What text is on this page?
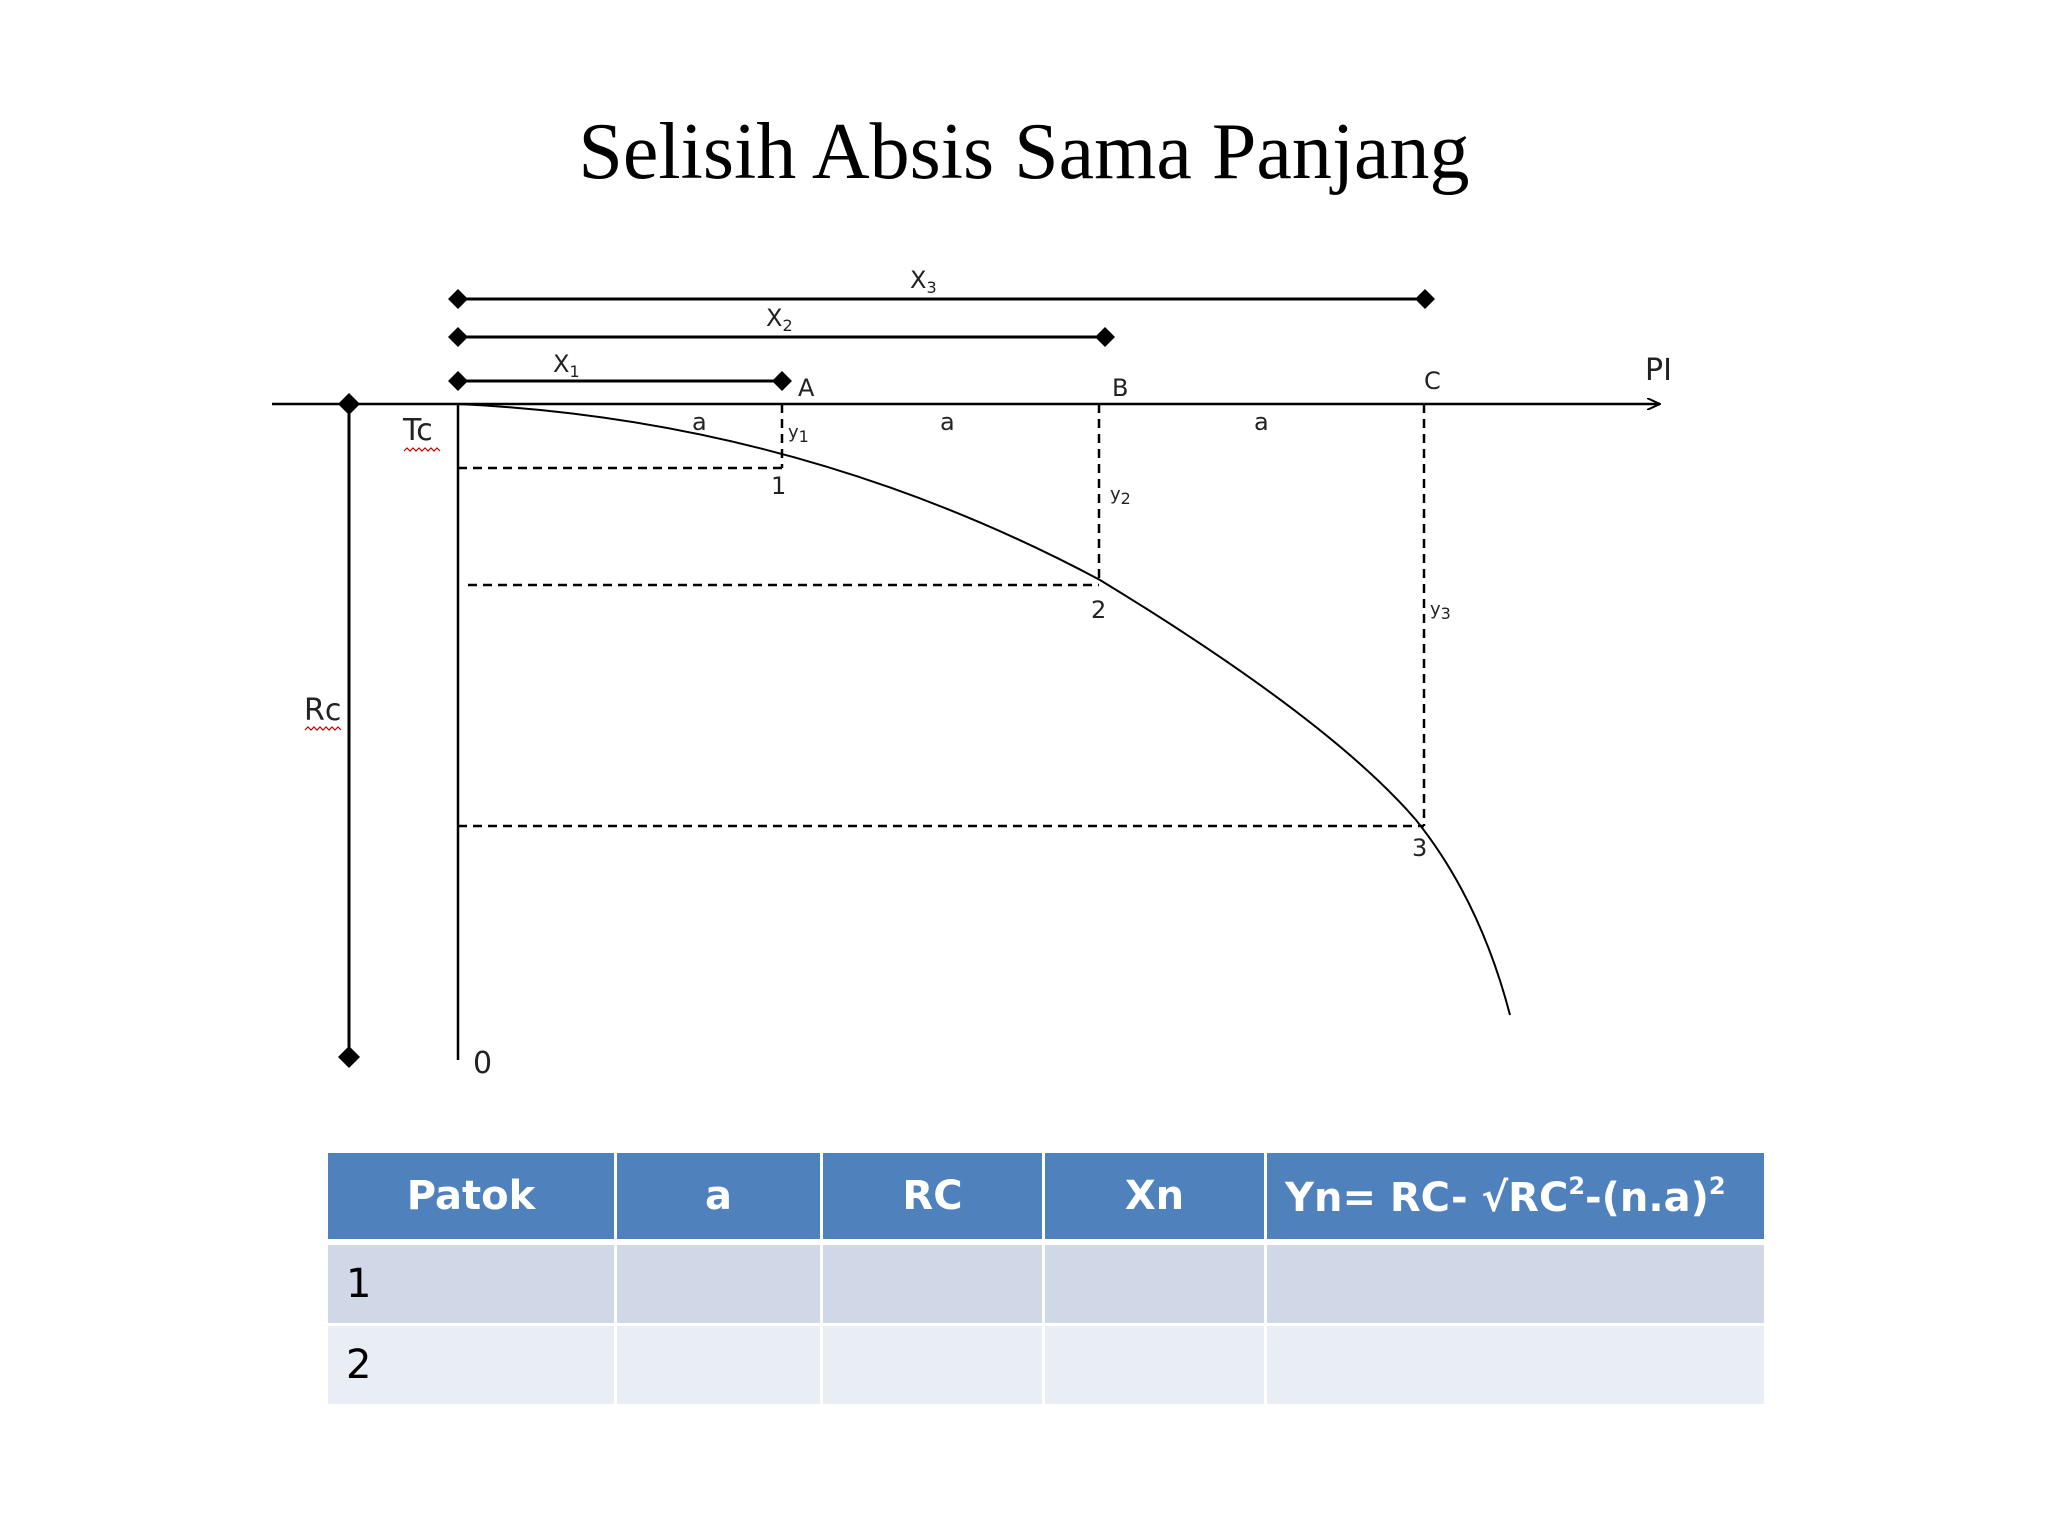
Selisih Absis Sama Panjang
PI
Tc
Rc
0
A	B	C
1
2
3
a	a	a
$X_1$
$X_2$
$X_3$
y1
y2
y3
Patok	a	RC	Xn	Yn= RC- $√RC^2-(n.a)^2$
1				
2				
